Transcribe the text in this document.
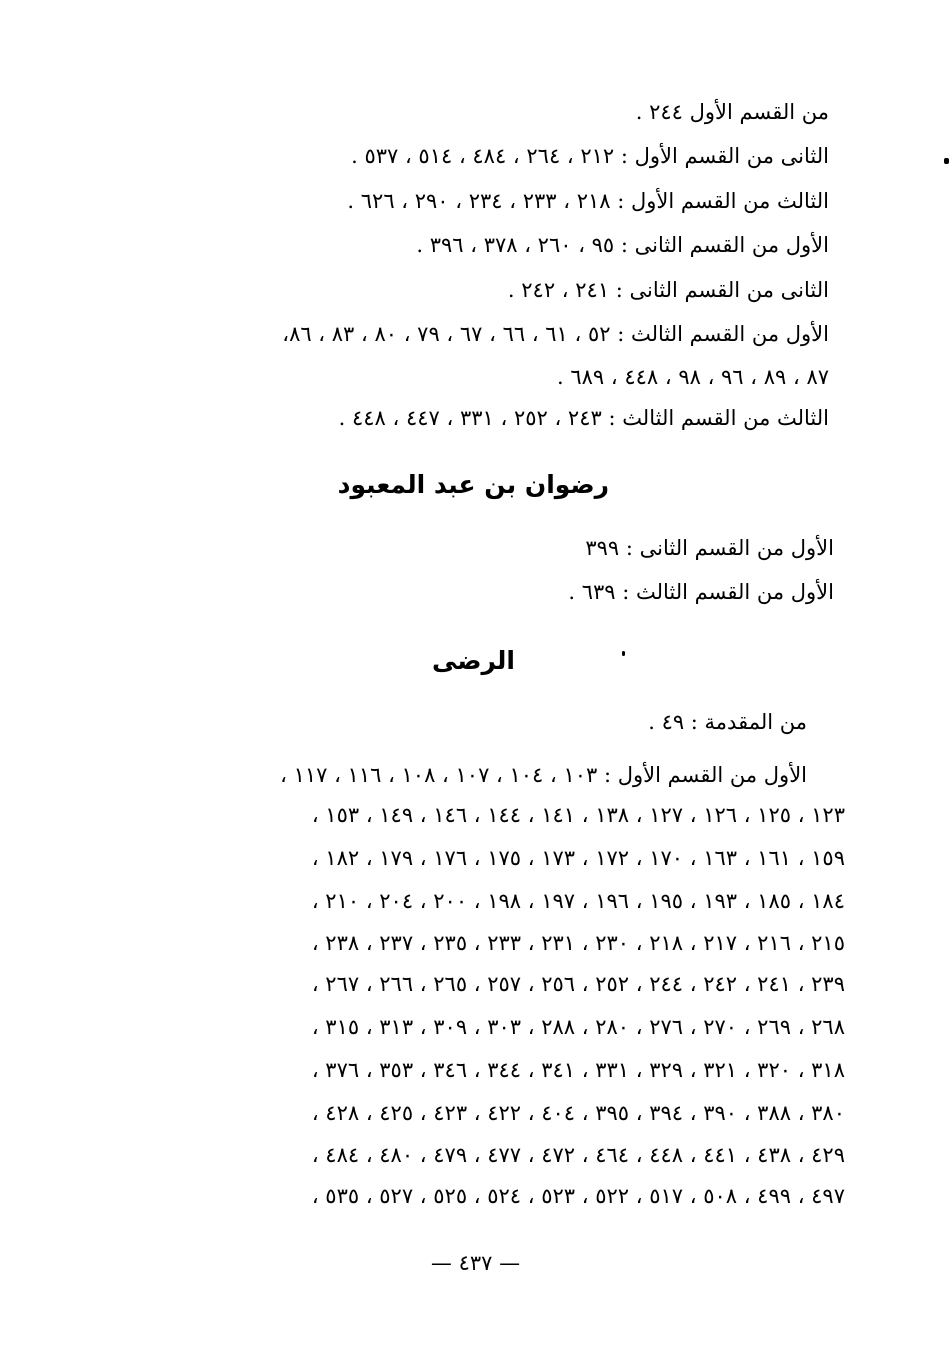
من القسم الأول ٢٤٤ .
الثانى من القسم الأول : ٢١٢ ، ٢٦٤ ، ٤٨٤ ، ٥١٤ ، ٥٣٧ .
الثالث من القسم الأول : ٢١٨ ، ٢٣٣ ، ٢٣٤ ، ٢٩٠ ، ٦٢٦ .
الأول من القسم الثانى : ٩٥ ، ٢٦٠ ، ٣٧٨ ، ٣٩٦ .
الثانى من القسم الثانى : ٢٤١ ، ٢٤٢ .
الأول من القسم الثالث : ٥٢ ، ٦١ ، ٦٦ ، ٦٧ ، ٧٩ ، ٨٠ ، ٨٣ ، ٨٦،
٨٧ ، ٨٩ ، ٩٦ ، ٩٨ ، ٤٤٨ ، ٦٨٩ .
الثالث من القسم الثالث : ٢٤٣ ، ٢٥٢ ، ٣٣١ ، ٤٤٧ ، ٤٤٨ .
رضوان بن عبد المعبود
الأول من القسم الثانى : ٣٩٩
الأول من القسم الثالث : ٦٣٩ .
الرضى
من المقدمة : ٤٩ .
الأول من القسم الأول : ١٠٣ ، ١٠٤ ، ١٠٧ ، ١٠٨ ، ١١٦ ، ١١٧ ،
١٢٣ ، ١٢٥ ، ١٢٦ ، ١٢٧ ، ١٣٨ ، ١٤١ ، ١٤٤ ، ١٤٦ ، ١٤٩ ، ١٥٣ ،
١٥٩ ، ١٦١ ، ١٦٣ ، ١٧٠ ، ١٧٢ ، ١٧٣ ، ١٧٥ ، ١٧٦ ، ١٧٩ ، ١٨٢ ،
١٨٤ ، ١٨٥ ، ١٩٣ ، ١٩٥ ، ١٩٦ ، ١٩٧ ، ١٩٨ ، ٢٠٠ ، ٢٠٤ ، ٢١٠ ،
٢١٥ ، ٢١٦ ، ٢١٧ ، ٢١٨ ، ٢٣٠ ، ٢٣١ ، ٢٣٣ ، ٢٣٥ ، ٢٣٧ ، ٢٣٨ ،
٢٣٩ ، ٢٤١ ، ٢٤٢ ، ٢٤٤ ، ٢٥٢ ، ٢٥٦ ، ٢٥٧ ، ٢٦٥ ، ٢٦٦ ، ٢٦٧ ،
٢٦٨ ، ٢٦٩ ، ٢٧٠ ، ٢٧٦ ، ٢٨٠ ، ٢٨٨ ، ٣٠٣ ، ٣٠٩ ، ٣١٣ ، ٣١٥ ،
٣١٨ ، ٣٢٠ ، ٣٢١ ، ٣٢٩ ، ٣٣١ ، ٣٤١ ، ٣٤٤ ، ٣٤٦ ، ٣٥٣ ، ٣٧٦ ،
٣٨٠ ، ٣٨٨ ، ٣٩٠ ، ٣٩٤ ، ٣٩٥ ، ٤٠٤ ، ٤٢٢ ، ٤٢٣ ، ٤٢٥ ، ٤٢٨ ،
٤٢٩ ، ٤٣٨ ، ٤٤١ ، ٤٤٨ ، ٤٦٤ ، ٤٧٢ ، ٤٧٧ ، ٤٧٩ ، ٤٨٠ ، ٤٨٤ ،
٤٩٧ ، ٤٩٩ ، ٥٠٨ ، ٥١٧ ، ٥٢٢ ، ٥٢٣ ، ٥٢٤ ، ٥٢٥ ، ٥٢٧ ، ٥٣٥ ،
— ٤٣٧ —
